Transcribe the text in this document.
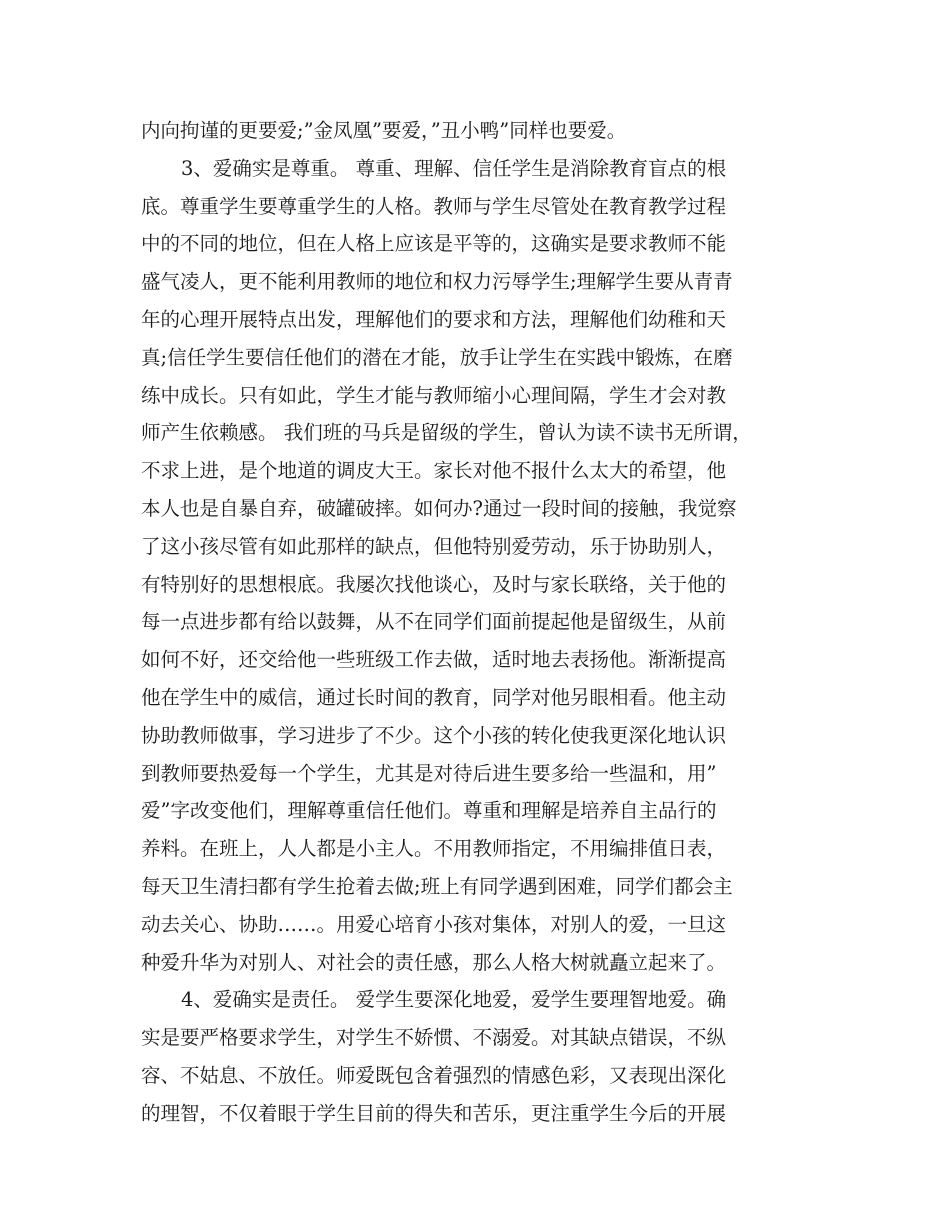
内向拘谨的更要爱;”金凤凰”要爱，”丑小鸭”同样也要爱。
3、爱确实是尊重。 尊重、理解、信任学生是消除教育盲点的根
底。尊重学生要尊重学生的人格。教师与学生尽管处在教育教学过程
中的不同的地位，但在人格上应该是平等的，这确实是要求教师不能
盛气凌人，更不能利用教师的地位和权力污辱学生;理解学生要从青青
年的心理开展特点出发，理解他们的要求和方法，理解他们幼稚和天
真;信任学生要信任他们的潜在才能，放手让学生在实践中锻炼，在磨
练中成长。只有如此，学生才能与教师缩小心理间隔，学生才会对教
师产生依赖感。 我们班的马兵是留级的学生，曾认为读不读书无所谓，
不求上进，是个地道的调皮大王。家长对他不报什么太大的希望，他
本人也是自暴自弃，破罐破摔。如何办?通过一段时间的接触，我觉察
了这小孩尽管有如此那样的缺点，但他特别爱劳动，乐于协助别人，
有特别好的思想根底。我屡次找他谈心，及时与家长联络，关于他的
每一点进步都有给以鼓舞，从不在同学们面前提起他是留级生，从前
如何不好，还交给他一些班级工作去做，适时地去表扬他。渐渐提高
他在学生中的威信，通过长时间的教育，同学对他另眼相看。他主动
协助教师做事，学习进步了不少。这个小孩的转化使我更深化地认识
到教师要热爱每一个学生，尤其是对待后进生要多给一些温和，用”
爱”字改变他们，理解尊重信任他们。尊重和理解是培养自主品行的
养料。在班上，人人都是小主人。不用教师指定，不用编排值日表，
每天卫生清扫都有学生抢着去做;班上有同学遇到困难，同学们都会主
动去关心、协助……。用爱心培育小孩对集体，对别人的爱，一旦这
种爱升华为对别人、对社会的责任感，那么人格大树就矗立起来了。
4、爱确实是责任。 爱学生要深化地爱，爱学生要理智地爱。确
实是要严格要求学生，对学生不娇惯、不溺爱。对其缺点错误，不纵
容、不姑息、不放任。师爱既包含着强烈的情感色彩，又表现出深化
的理智，不仅着眼于学生目前的得失和苦乐，更注重学生今后的开展
